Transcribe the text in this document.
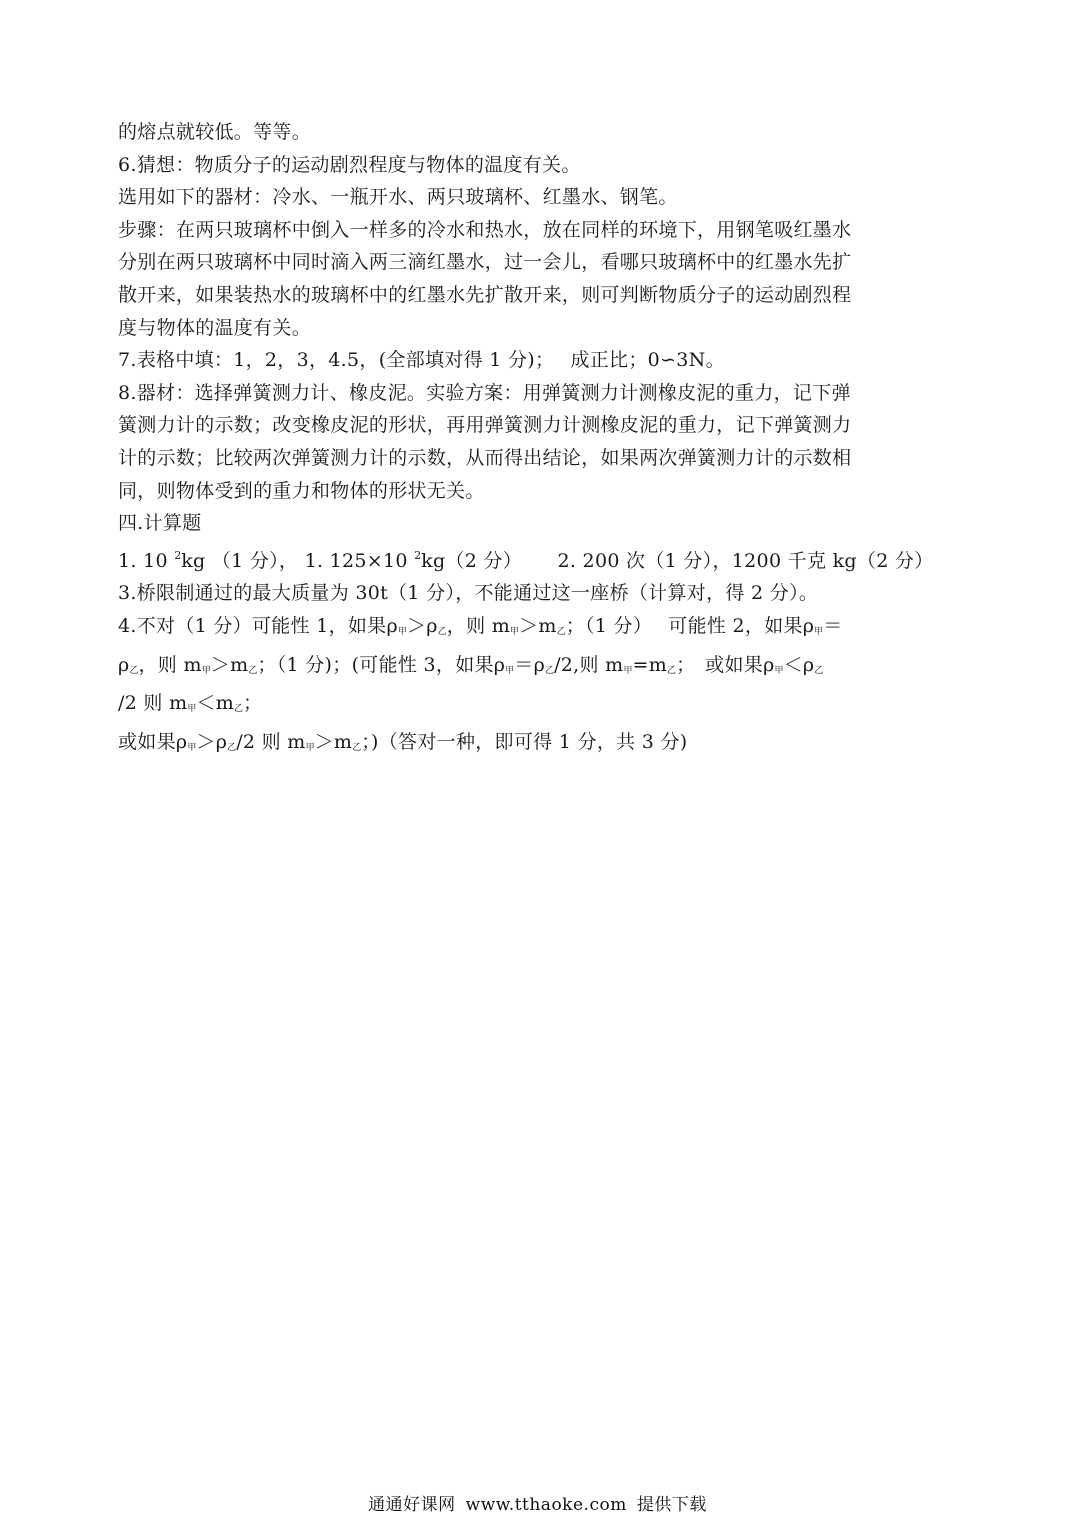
的熔点就较低。等等。
6.猜想：物质分子的运动剧烈程度与物体的温度有关。
选用如下的器材：冷水、一瓶开水、两只玻璃杯、红墨水、钢笔。
步骤：在两只玻璃杯中倒入一样多的冷水和热水，放在同样的环境下，用钢笔吸红墨水
分别在两只玻璃杯中同时滴入两三滴红墨水，过一会儿，看哪只玻璃杯中的红墨水先扩
散开来，如果装热水的玻璃杯中的红墨水先扩散开来，则可判断物质分子的运动剧烈程
度与物体的温度有关。
7.表格中填：1，2，3，4.5，(全部填对得 1 分)；　 成正比；0∽3N。
8.器材：选择弹簧测力计、橡皮泥。实验方案：用弹簧测力计测橡皮泥的重力，记下弹
簧测力计的示数；改变橡皮泥的形状，再用弹簧测力计测橡皮泥的重力，记下弹簧测力
计的示数；比较两次弹簧测力计的示数，从而得出结论，如果两次弹簧测力计的示数相
同，则物体受到的重力和物体的形状无关。
四.计算题
1. 10 $^2$kg （1 分）， 1. 125×10 $^2$kg（2 分）　　 2. 200 次（1 分），1200 千克 kg（2 分）
3.桥限制通过的最大质量为 30t（1 分），不能通过这一座桥（计算对，得 2 分）。
4.不对（1 分）可能性 1，如果$\rho_甲>\rho_乙$，则 $m_甲>m_乙$；（1 分）　 可能性 2，如果$\rho_甲=$
$\rho_乙$，则 $m_甲>m_乙$；（1 分)；(可能性 3，如果$\rho_甲=\rho_乙/2$,则 $m_甲=m_乙$；　或如果$\rho_甲<\rho_乙$
/2 则 $m_甲<m_乙$；
或如果$\rho_甲>\rho_乙/2$ 则 $m_甲>m_乙$；)（答对一种，即可得 1 分，共 3 分)
通通好课网 www.tthaoke.com 提供下载
